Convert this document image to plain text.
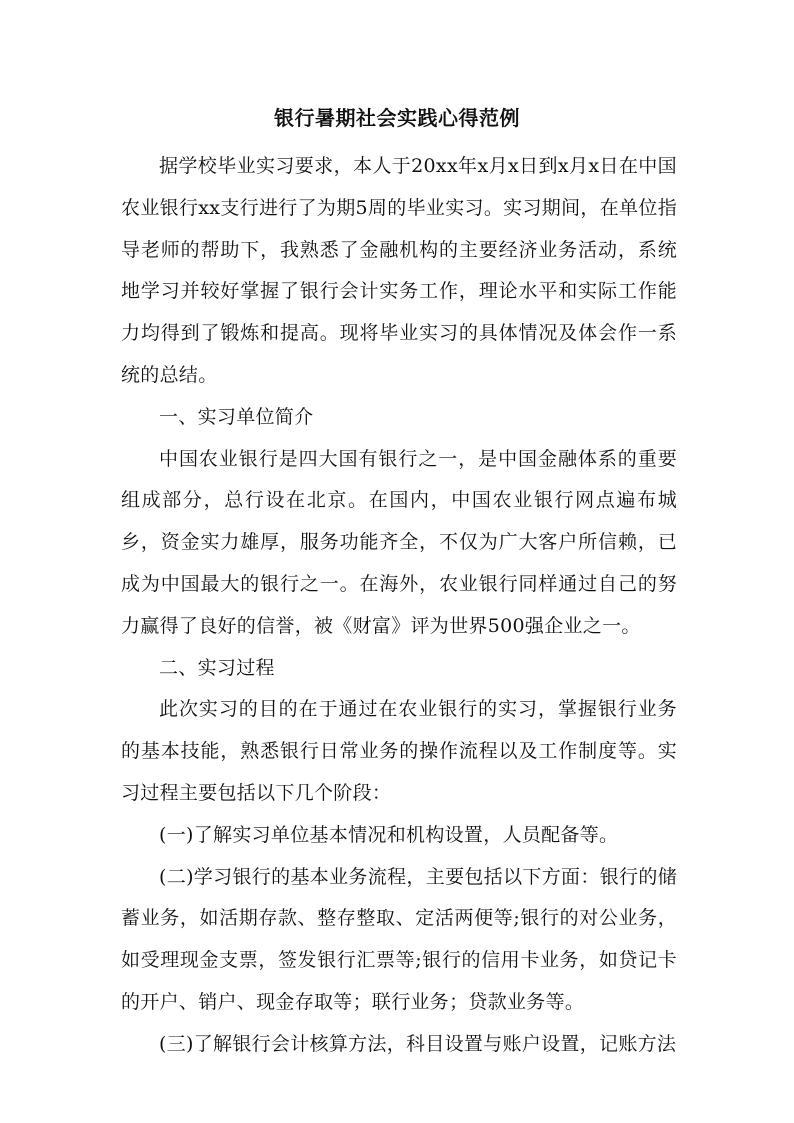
银行暑期社会实践心得范例

据学校毕业实习要求，本人于20xx年x月x日到x月x日在中国农业银行xx支行进行了为期5周的毕业实习。实习期间，在单位指导老师的帮助下，我熟悉了金融机构的主要经济业务活动，系统地学习并较好掌握了银行会计实务工作，理论水平和实际工作能力均得到了锻炼和提高。现将毕业实习的具体情况及体会作一系统的总结。

一、实习单位简介

中国农业银行是四大国有银行之一，是中国金融体系的重要组成部分，总行设在北京。在国内，中国农业银行网点遍布城乡，资金实力雄厚，服务功能齐全，不仅为广大客户所信赖，已成为中国最大的银行之一。在海外，农业银行同样通过自己的努力赢得了良好的信誉，被《财富》评为世界500强企业之一。

二、实习过程

此次实习的目的在于通过在农业银行的实习，掌握银行业务的基本技能，熟悉银行日常业务的操作流程以及工作制度等。实习过程主要包括以下几个阶段：

(一)了解实习单位基本情况和机构设置，人员配备等。

(二)学习银行的基本业务流程，主要包括以下方面：银行的储蓄业务，如活期存款、整存整取、定活两便等;银行的对公业务，如受理现金支票，签发银行汇票等;银行的信用卡业务，如贷记卡的开户、销户、现金存取等；联行业务；贷款业务等。

(三)了解银行会计核算方法，科目设置与账户设置，记账方法
